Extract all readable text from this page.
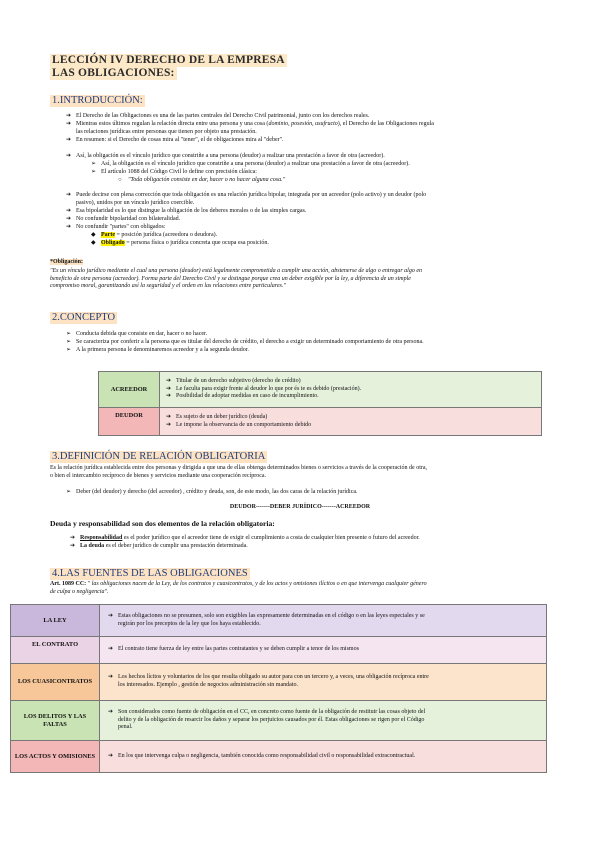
LECCIÓN IV DERECHO DE LA EMPRESA
LAS OBLIGACIONES:
1.INTRODUCCIÓN:
➔ El Derecho de las Obligaciones es una de las partes centrales del Derecho Civil patrimonial, junto con los derechos reales.
➔ Mientras estos últimos regulan la relación directa entre una persona y una cosa (dominio, posesión, usufructo), el Derecho de las Obligaciones regula
las relaciones jurídicas entre personas que tienen por objeto una prestación.
➔ En resumen: si el Derecho de cosas mira al "tener", el de obligaciones mira al "deber".
➔ Así, la obligación es el vínculo jurídico que constriñe a una persona (deudor) a realizar una prestación a favor de otra (acreedor).
➢ Así, la obligación es el vínculo jurídico que constriñe a una persona (deudor) a realizar una prestación a favor de otra (acreedor).
➢ El artículo 1088 del Código Civil lo define con precisión clásica:
○ "Toda obligación consiste en dar, hacer o no hacer alguna cosa."
➔ Puede decirse con plena corrección que toda obligación es una relación jurídica bipolar, integrada por un acreedor (polo activo) y un deudor (polo
pasivo), unidos por un vínculo jurídico coercible.
➔ Esa bipolaridad es lo que distingue la obligación de los deberes morales o de las simples cargas.
➔ No confundir bipolaridad con bilateralidad.
➔ No confundir "partes" con obligados:
◆ Parte = posición jurídica (acreedora o deudora).
◆ Obligado = persona física o jurídica concreta que ocupa esa posición.
*Obligación:
"Es un vínculo jurídico mediante el cual una persona (deudor) está legalmente comprometida a cumplir una acción, abstenerse de algo o entregar algo en
beneficio de otra persona (acreedor). Forma parte del Derecho Civil y se distingue porque crea un deber exigible por la ley, a diferencia de un simple
compromiso moral, garantizando así la seguridad y el orden en las relaciones entre particulares."
2.CONCEPTO
➢ Conducta debida que consiste en dar, hacer o no hacer.
➢ Se caracteriza por conferir a la persona que es titular del derecho de crédito, el derecho a exigir un determinado comportamiento de otra persona.
➢ A la primera persona le denominaremos acreedor y a la segunda deudor.
ACREEDOR	➔ Titular de un derecho subjetivo (derecho de crédito)
➔ Le faculta para exigir frente al deudor lo que por és te es debido (prestación).
➔ Posibilidad de adoptar medidas en caso de incumplimiento.

DEUDOR	➔ Es sujeto de un deber jurídico (deuda)
➔ Le impone la observancia de un comportamiento debido
3.DEFINICIÓN DE RELACIÓN OBLIGATORIA
Es la relación jurídica establecida entre dos personas y dirigida a que una de ellas obtenga determinados bienes o servicios a través de la cooperación de otra,
o bien el intercambio recíproco de bienes y servicios mediante una cooperación recíproca.
➢ Deber (del deudor) y derecho (del acreedor) , crédito y deuda, son, de este modo, las dos caras de la relación jurídica.
DEUDOR-------DEBER JURÍDICO-------ACREEDOR
Deuda y responsabilidad son dos elementos de la relación obligatoria:
➔ Responsabilidad es el poder jurídico que el acreedor tiene de exigir el cumplimiento a costa de cualquier bien presente o futuro del acreedor.
➔ La deuda es el deber jurídico de cumplir una prestación determinada.
4.LAS FUENTES DE LAS OBLIGACIONES
Art. 1089 CC: " las obligaciones nacen de la Ley, de los contratos y cuasicontratos, y de los actos y omisiones ilícitos o en que intervenga cualquier género
de culpa o negligencia".
LA LEY	➔ Estas obligaciones no se presumen, solo son exigibles las expresamente determinadas en el código o en las leyes especiales y se
regirán por los preceptos de la ley que los haya establecido.
EL CONTRATO	➔ El contrato tiene fuerza de ley entre las partes contratantes y se deben cumplir a tenor de los mismos
LOS CUASICONTRATOS	➔ Los hechos lícitos y voluntarios de los que resulta obligado su autor para con un tercero y, a veces, una obligación recíproca entre
los interesados. Ejemplo , gestión de negocios administración sin mandato.
LOS DELITOS Y LAS FALTAS	➔ Son considerados como fuente de obligación en el CC, en concreto como fuente de la obligación de restituir las cosas objeto del
delito y de la obligación de resarcir los daños y separar los perjuicios causados por él. Estas obligaciones se rigen por el Código
penal.
LOS ACTOS Y OMISIONES	➔ En los que intervenga culpa o negligencia, también conocida como responsabilidad civil o responsabilidad extracontractual.
